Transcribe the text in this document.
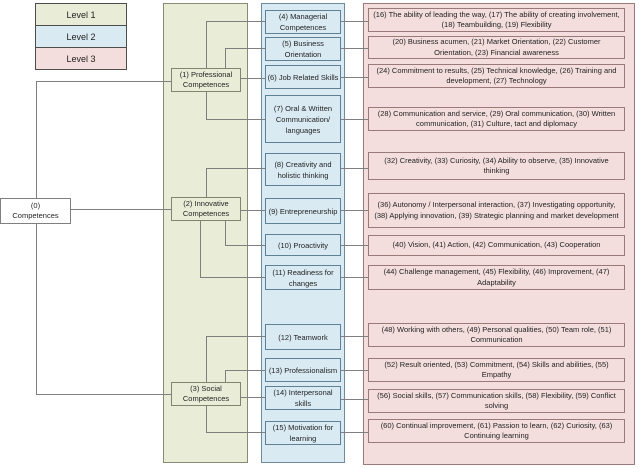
Level 1
Level 2
Level 3
(0) Competences
(1) Professional Competences
(2) Innovative Competences
(3) Social Competences
(4) Managerial Competences
(5) Business Orientation
(6) Job Related Skills
(7) Oral & Written Communication/ languages
(8) Creativity and holistic thinking
(9) Entrepreneurship
(10) Proactivity
(11) Readiness for changes
(12) Teamwork
(13) Professionalism
(14) Interpersonal skills
(15) Motivation for learning
(16) The ability of leading the way, (17) The ability of creating involvement, (18) Teambuilding, (19) Flexibility
(20) Business acumen, (21) Market Orientation, (22) Customer Orientation, (23) Financial awareness
(24) Commitment to results, (25) Technical knowledge, (26) Training and development, (27) Technology
(28) Communication and service, (29) Oral communication, (30) Written communication, (31) Culture, tact and diplomacy
(32) Creativity, (33) Curiosity, (34) Ability to observe, (35) Innovative thinking
(36) Autonomy / Interpersonal interaction, (37) Investigating opportunity, (38) Applying innovation, (39) Strategic planning and market development
(40) Vision, (41) Action, (42) Communication, (43) Cooperation
(44) Challenge management, (45) Flexibility, (46) Improvement, (47) Adaptability
(48) Working with others, (49) Personal qualities, (50) Team role, (51) Communication
(52) Result oriented, (53) Commitment, (54) Skills and abilities, (55) Empathy
(56) Social skills, (57) Communication skills, (58) Flexibility, (59) Conflict solving
(60) Continual improvement, (61) Passion to learn, (62) Curiosity, (63) Continuing learning
